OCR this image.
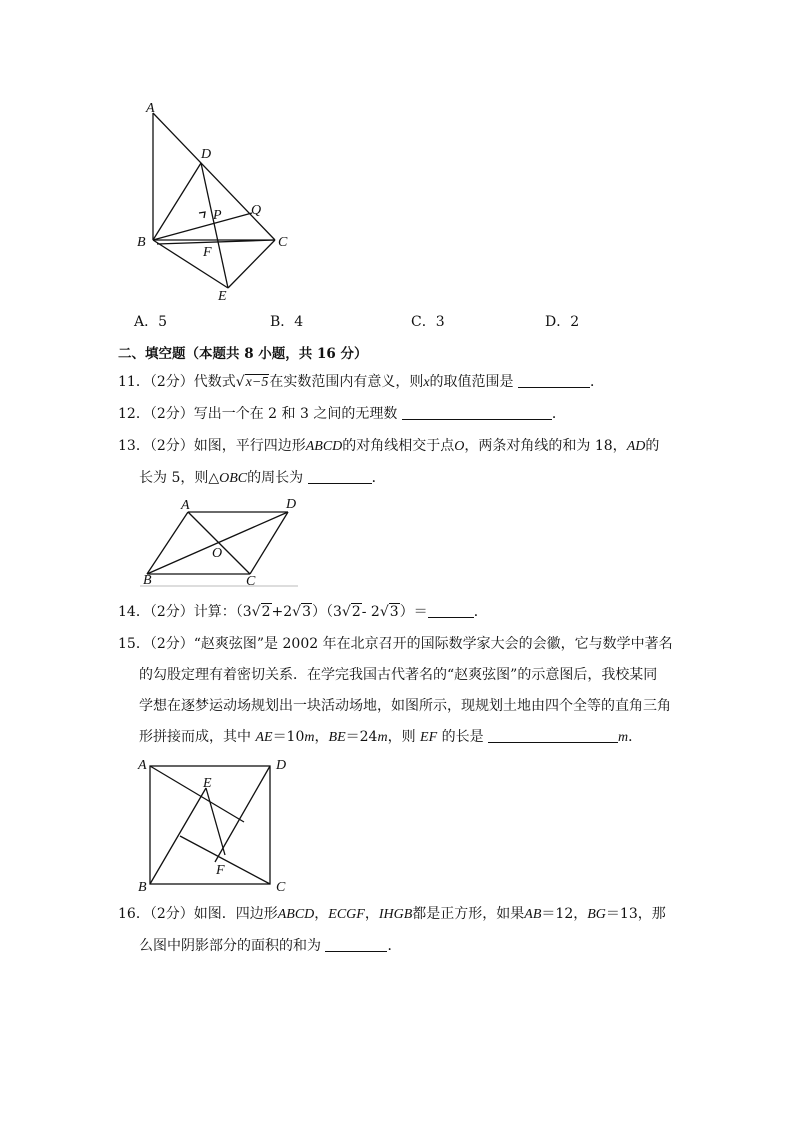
A
B	C
D
E
F
P Q
A．5	B．4	C．3	D．2
二、填空题（本题共 8 小题，共 16 分）
11．（2分）代数式√x−5在实数范围内有意义，则x的取值范围是	．
12．（2分）写出一个在 2 和 3 之间的无理数	．
13．（2分）如图，平行四边形ABCD的对角线相交于点O，两条对角线的和为 18，AD的
长为 5，则△OBC的周长为	．
A
B	C
D
O
14．（2分）计算：（3√2+2√3）（3√2- 2√3）＝	．
15．（2分）“赵爽弦图”是 2002 年在北京召开的国际数学家大会的会徽，它与数学中著名
的勾股定理有着密切关系．在学完我国古代著名的“赵爽弦图”的示意图后，我校某同
学想在逐梦运动场规划出一块活动场地，如图所示，现规划土地由四个全等的直角三角
形拼接而成，其中 AE＝10m，BE＝24m，则 EF 的长是	m．
A
B	C
D
E
F
16．（2分）如图．四边形ABCD，ECGF，IHGB都是正方形，如果AB＝12，BG＝13，那
么图中阴影部分的面积的和为	．
